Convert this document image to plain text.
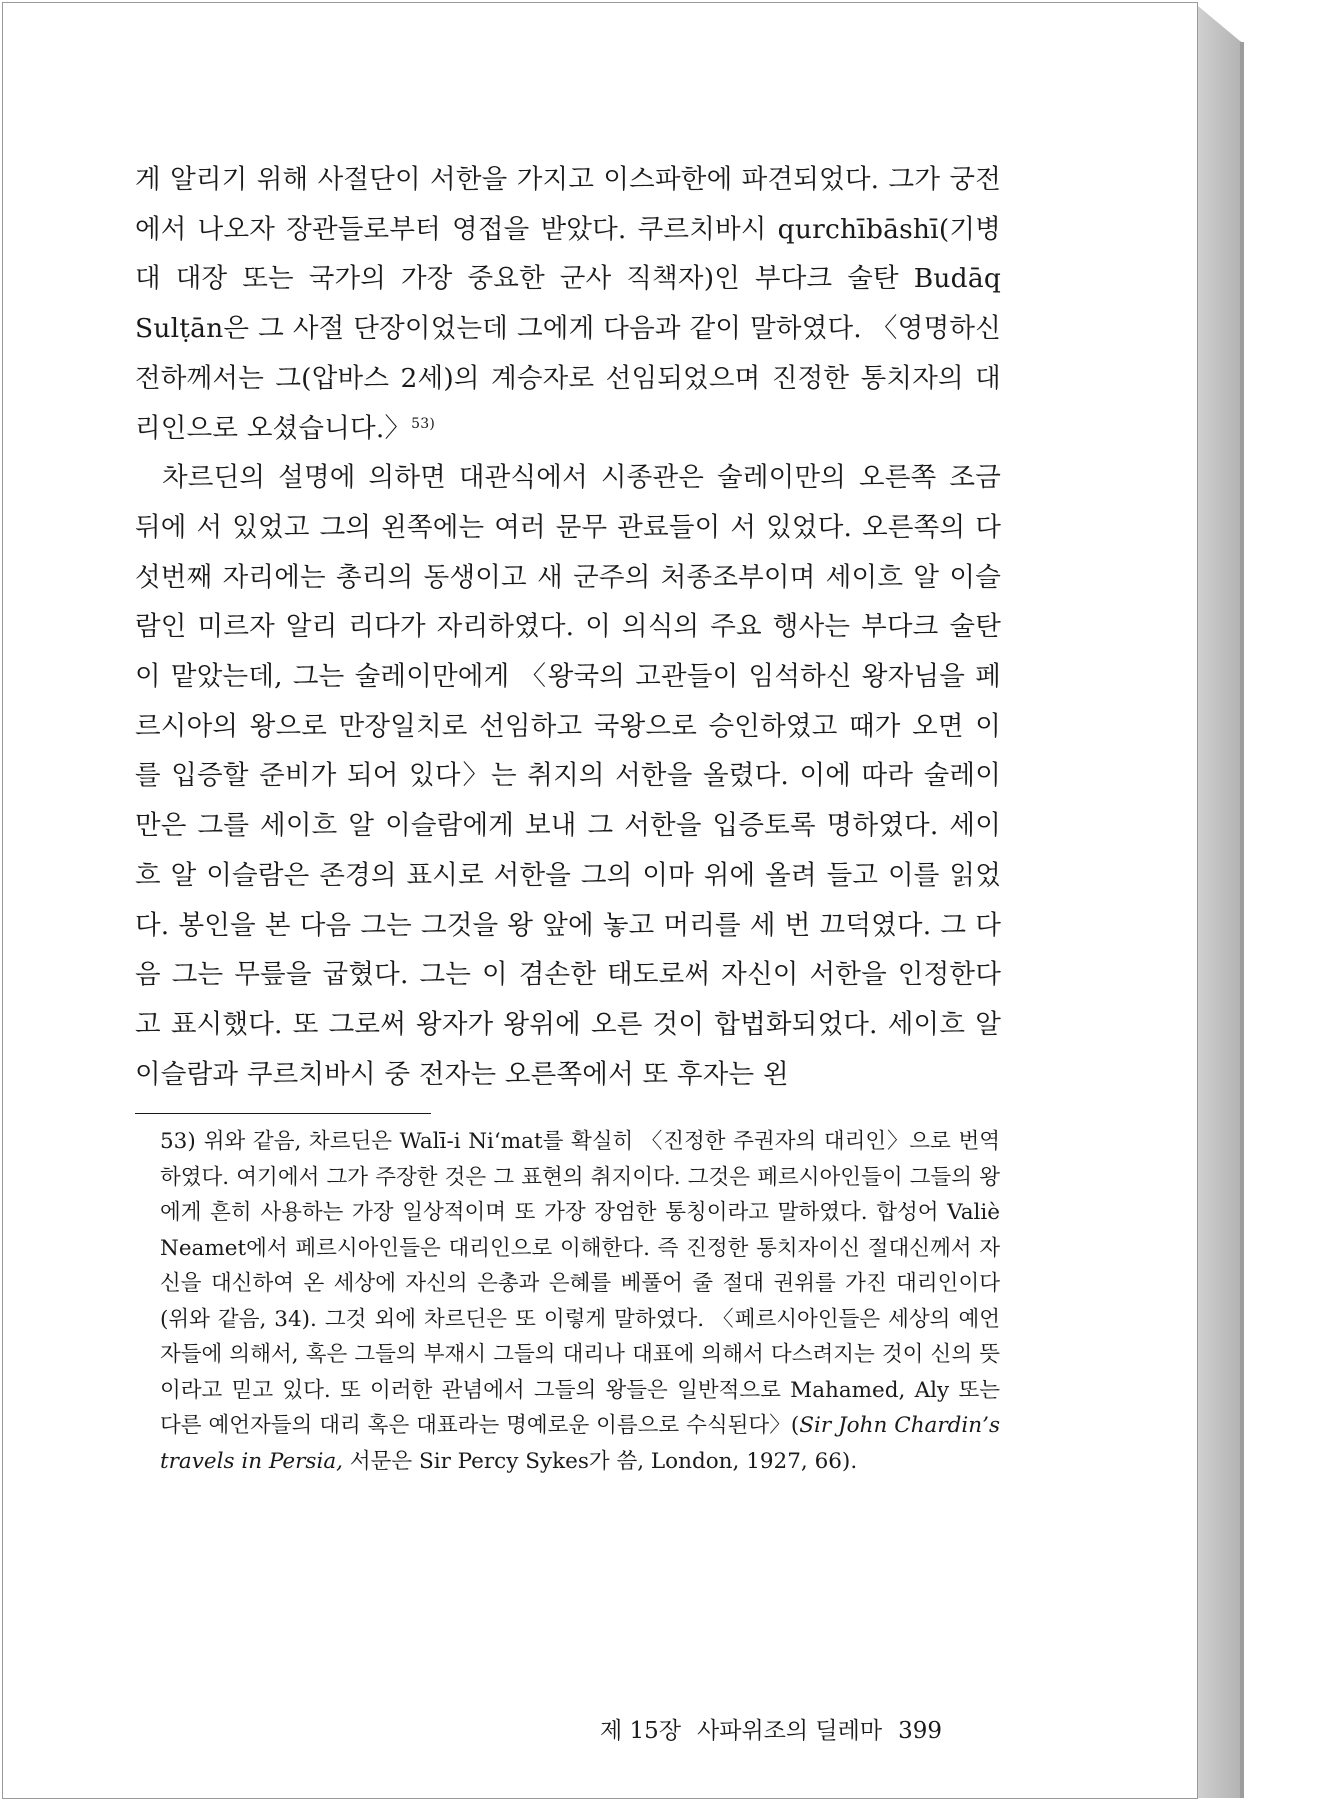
게 알리기 위해 사절단이 서한을 가지고 이스파한에 파견되었다. 그가 궁전에서 나오자 장관들로부터 영접을 받았다. 쿠르치바시 qurchībāshī(기병대 대장 또는 국가의 가장 중요한 군사 직책자)인 부다크 술탄 Budāq Sulṭān은 그 사절 단장이었는데 그에게 다음과 같이 말하였다. 〈영명하신 전하께서는 그(압바스 2세)의 계승자로 선임되었으며 진정한 통치자의 대리인으로 오셨습니다.〉$^{53)}$

차르딘의 설명에 의하면 대관식에서 시종관은 술레이만의 오른쪽 조금 뒤에 서 있었고 그의 왼쪽에는 여러 문무 관료들이 서 있었다. 오른쪽의 다섯번째 자리에는 총리의 동생이고 새 군주의 처종조부이며 세이흐 알 이슬람인 미르자 알리 리다가 자리하였다. 이 의식의 주요 행사는 부다크 술탄이 맡았는데, 그는 술레이만에게 〈왕국의 고관들이 임석하신 왕자님을 페르시아의 왕으로 만장일치로 선임하고 국왕으로 승인하였고 때가 오면 이를 입증할 준비가 되어 있다〉는 취지의 서한을 올렸다. 이에 따라 술레이만은 그를 세이흐 알 이슬람에게 보내 그 서한을 입증토록 명하였다. 세이흐 알 이슬람은 존경의 표시로 서한을 그의 이마 위에 올려 들고 이를 읽었다. 봉인을 본 다음 그는 그것을 왕 앞에 놓고 머리를 세 번 끄덕였다. 그 다음 그는 무릎을 굽혔다. 그는 이 겸손한 태도로써 자신이 서한을 인정한다고 표시했다. 또 그로써 왕자가 왕위에 오른 것이 합법화되었다. 세이흐 알 이슬람과 쿠르치바시 중 전자는 오른쪽에서 또 후자는 왼

53) 위와 같음, 차르딘은 Walī-i Ni‘mat를 확실히 〈진정한 주권자의 대리인〉으로 번역하였다. 여기에서 그가 주장한 것은 그 표현의 취지이다. 그것은 페르시아인들이 그들의 왕에게 흔히 사용하는 가장 일상적이며 또 가장 장엄한 통칭이라고 말하였다. 합성어 Valiè Neamet에서 페르시아인들은 대리인으로 이해한다. 즉 진정한 통치자이신 절대신께서 자신을 대신하여 온 세상에 자신의 은총과 은혜를 베풀어 줄 절대 권위를 가진 대리인이다 (위와 같음, 34). 그것 외에 차르딘은 또 이렇게 말하였다. 〈페르시아인들은 세상의 예언자들에 의해서, 혹은 그들의 부재시 그들의 대리나 대표에 의해서 다스려지는 것이 신의 뜻이라고 믿고 있다. 또 이러한 관념에서 그들의 왕들은 일반적으로 Mahamed, Aly 또는 다른 예언자들의 대리 혹은 대표라는 명예로운 이름으로 수식된다〉(Sir John Chardin’s travels in Persia, 서문은 Sir Percy Sykes가 씀, London, 1927, 66).

제 15장 사파위조의 딜레마 399
